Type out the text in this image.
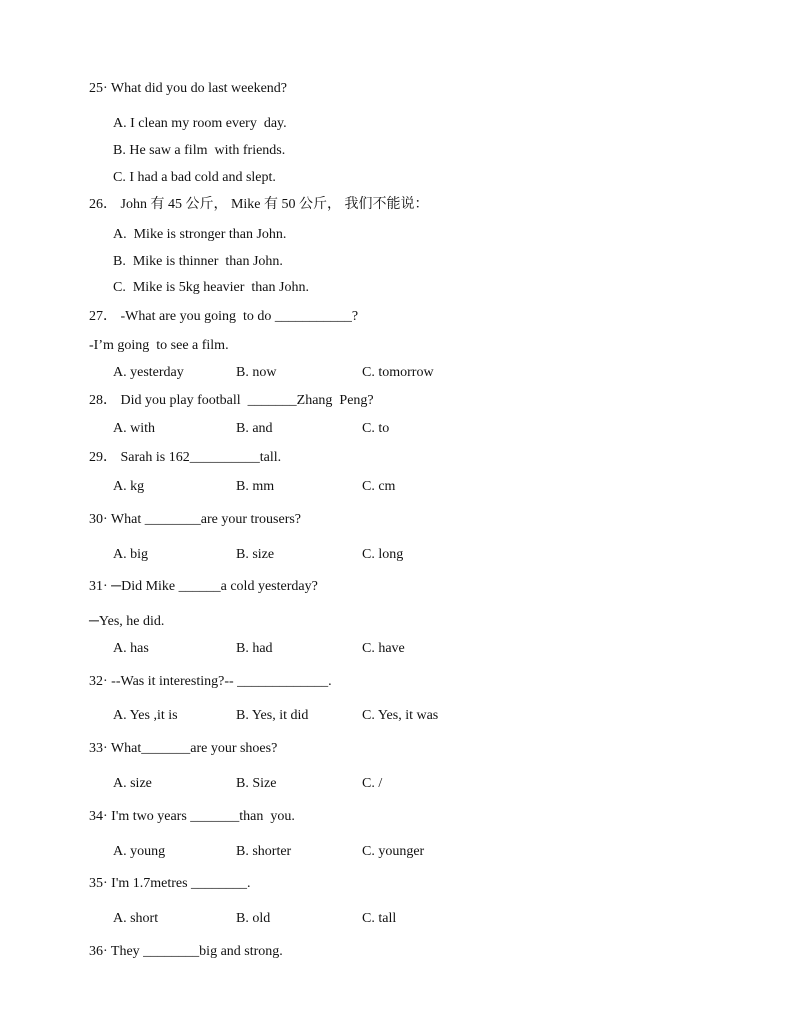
25· What did you do last weekend?
A. I clean my room every  day.
B. He saw a film  with friends.
C. I had a bad cold and slept.
26． John 有 45 公斤， Mike 有 50 公斤， 我们不能说：
A.  Mike is stronger than John.
B.  Mike is thinner  than John.
C.  Mike is 5kg heavier  than John.
27． -What are you going  to do ___________?
-I’m going  to see a film.
A. yesterday	B. now	C. tomorrow
28． Did you play football  _______Zhang  Peng?
A. with	B. and	C. to
29． Sarah is 162__________tall.
A. kg	B. mm	C. cm
30· What ________are your trousers?
A. big	B. size	C. long
31· ─Did Mike ______a cold yesterday?
─Yes, he did.
A. has	B. had	C. have
32· --Was it interesting?-- _____________.
A. Yes ,it is	B. Yes, it did	C. Yes, it was
33· What_______are your shoes?
A. size	B. Size	C. /
34· I'm two years _______than  you.
A. young	B. shorter	C. younger
35· I'm 1.7metres ________.
A. short	B. old	C. tall
36· They ________big and strong.
